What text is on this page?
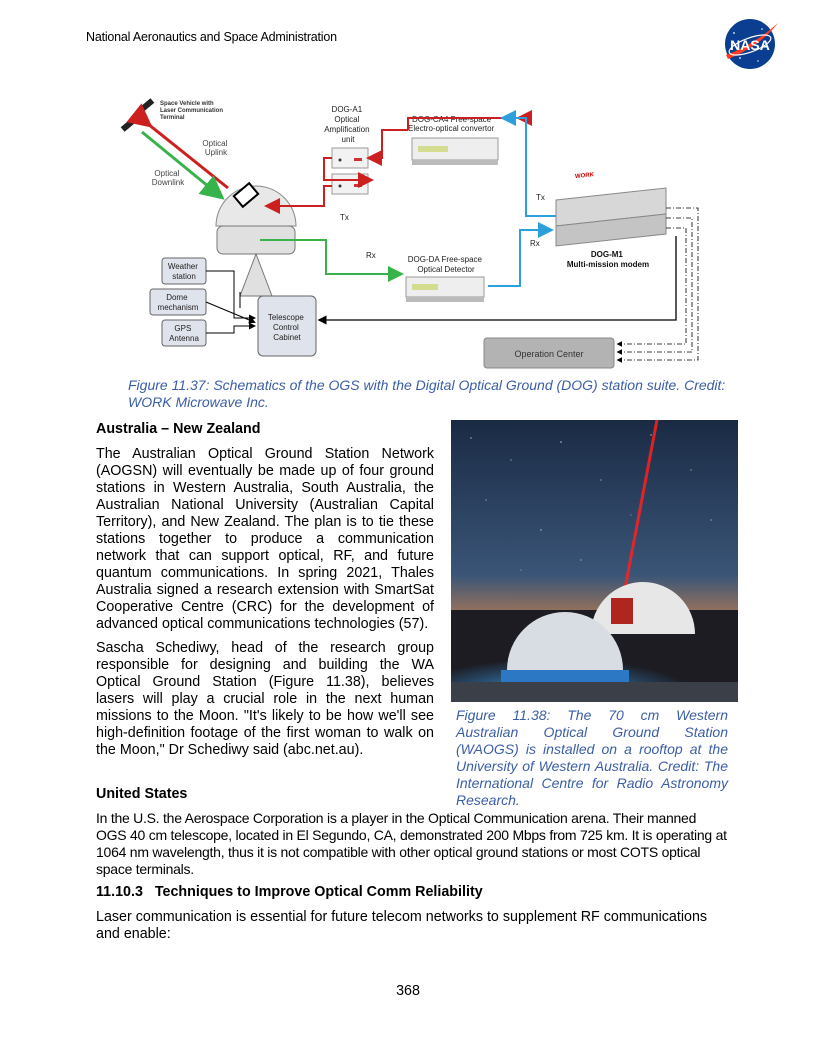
National Aeronautics and Space Administration	NASA
Space Vehicle with Laser Communication Terminal
Optical Uplink
Optical Downlink
DOG-A1 Optical Amplification unit
DOG-CA4 Free-space Electro-optical convertor
WORK
DOG-M1 Multi-mission modem
DOG-DA Free-space Optical Detector
Tx
Rx
Tx
Rx
Weather station
Dome mechanism
GPS Antenna
Telescope Control Cabinet
Operation Center
Figure 11.37: Schematics of the OGS with the Digital Optical Ground (DOG) station suite. Credit: WORK Microwave Inc.
Australia – New Zealand
The Australian Optical Ground Station Network (AOGSN) will eventually be made up of four ground stations in Western Australia, South Australia, the Australian National University (Australian Capital Territory), and New Zealand. The plan is to tie these stations together to produce a communication network that can support optical, RF, and future quantum communications. In spring 2021, Thales Australia signed a research extension with SmartSat Cooperative Centre (CRC) for the development of advanced optical communications technologies (57).
Sascha Schediwy, head of the research group responsible for designing and building the WA Optical Ground Station (Figure 11.38), believes lasers will play a crucial role in the next human missions to the Moon. "It's likely to be how we'll see high-definition footage of the first woman to walk on the Moon," Dr Schediwy said (abc.net.au).
Figure 11.38: The 70 cm Western Australian Optical Ground Station (WAOGS) is installed on a rooftop at the University of Western Australia. Credit: The International Centre for Radio Astronomy Research.
United States
In the U.S. the Aerospace Corporation is a player in the Optical Communication arena. Their manned OGS 40 cm telescope, located in El Segundo, CA, demonstrated 200 Mbps from 725 km. It is operating at 1064 nm wavelength, thus it is not compatible with other optical ground stations or most COTS optical space terminals.
11.10.3   Techniques to Improve Optical Comm Reliability
Laser communication is essential for future telecom networks to supplement RF communications and enable:
368
